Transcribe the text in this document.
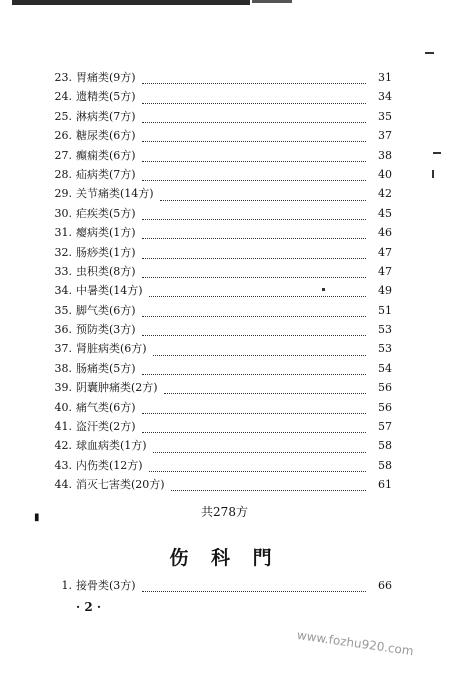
23. 胃痛类(9方)	31
24. 遗精类(5方)	34
25. 淋病类(7方)	35
26. 糖尿类(6方)	37
27. 癫痫类(6方)	38
28. 疝病类(7方)	40
29. 关节痛类(14方)	42
30. 疟疾类(5方)	45
31. 瘿病类(1方)	46
32. 肠痧类(1方)	47
33. 虫积类(8方)	47
34. 中暑类(14方)	49
35. 脚气类(6方)	51
36. 预防类(3方)	53
37. 肾脏病类(6方)	53
38. 肠痛类(5方)	54
39. 阴囊肿痛类(2方)	56
40. 痛气类(6方)	56
41. 盗汗类(2方)	57
42. 球血病类(1方)	58
43. 内伤类(12方)	58
44. 消灭七害类(20方)	61
▮	共278方
伤 科 門
1. 接骨类(3方)	66
· 2 ·
www.fozhu920.com
